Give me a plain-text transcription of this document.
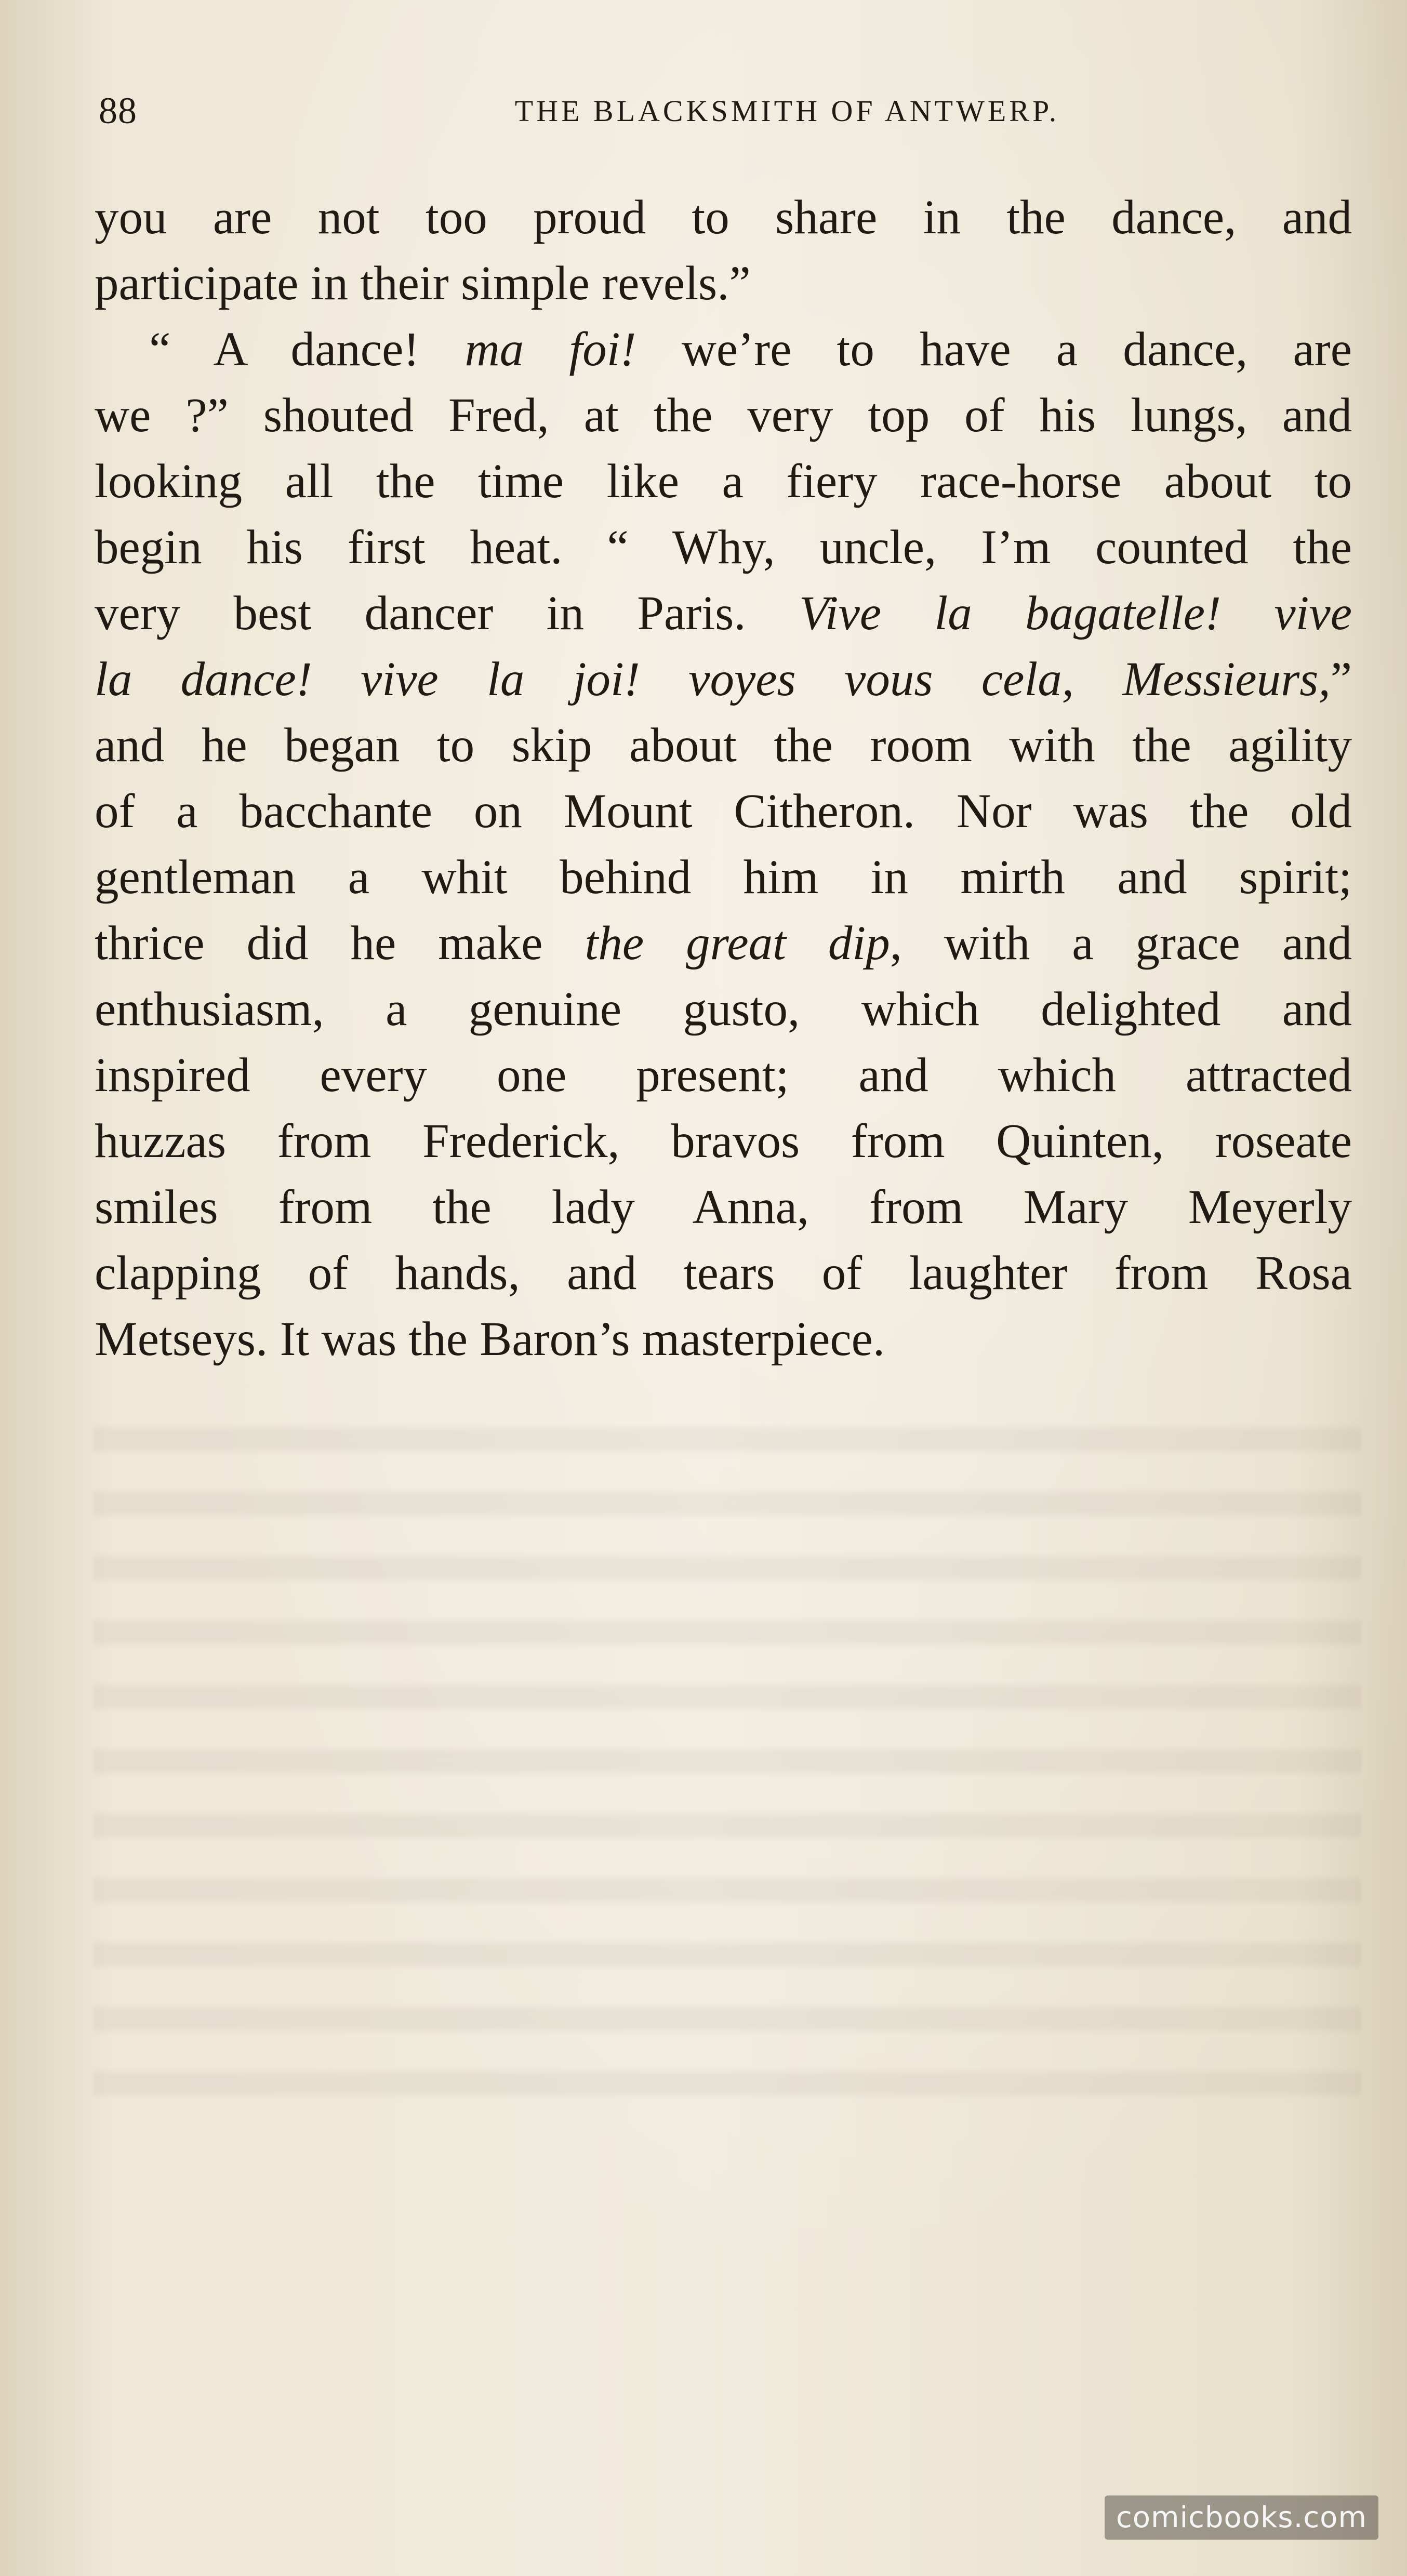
88	THE BLACKSMITH OF ANTWERP.
you are not too proud to share in the dance, and
participate in their simple revels.”
“ A dance! ma foi! we’re to have a dance, are
we ?” shouted Fred, at the very top of his lungs, and
looking all the time like a fiery race-horse about to
begin his first heat. “ Why, uncle, I’m counted the
very best dancer in Paris. Vive la bagatelle! vive
la dance! vive la joi! voyes vous cela, Messieurs,”
and he began to skip about the room with the agility
of a bacchante on Mount Citheron. Nor was the old
gentleman a whit behind him in mirth and spirit;
thrice did he make the great dip, with a grace and
enthusiasm, a genuine gusto, which delighted and
inspired every one present; and which attracted
huzzas from Frederick, bravos from Quinten, roseate
smiles from the lady Anna, from Mary Meyerly
clapping of hands, and tears of laughter from Rosa
Metseys. It was the Baron’s masterpiece.
comicbooks.com
